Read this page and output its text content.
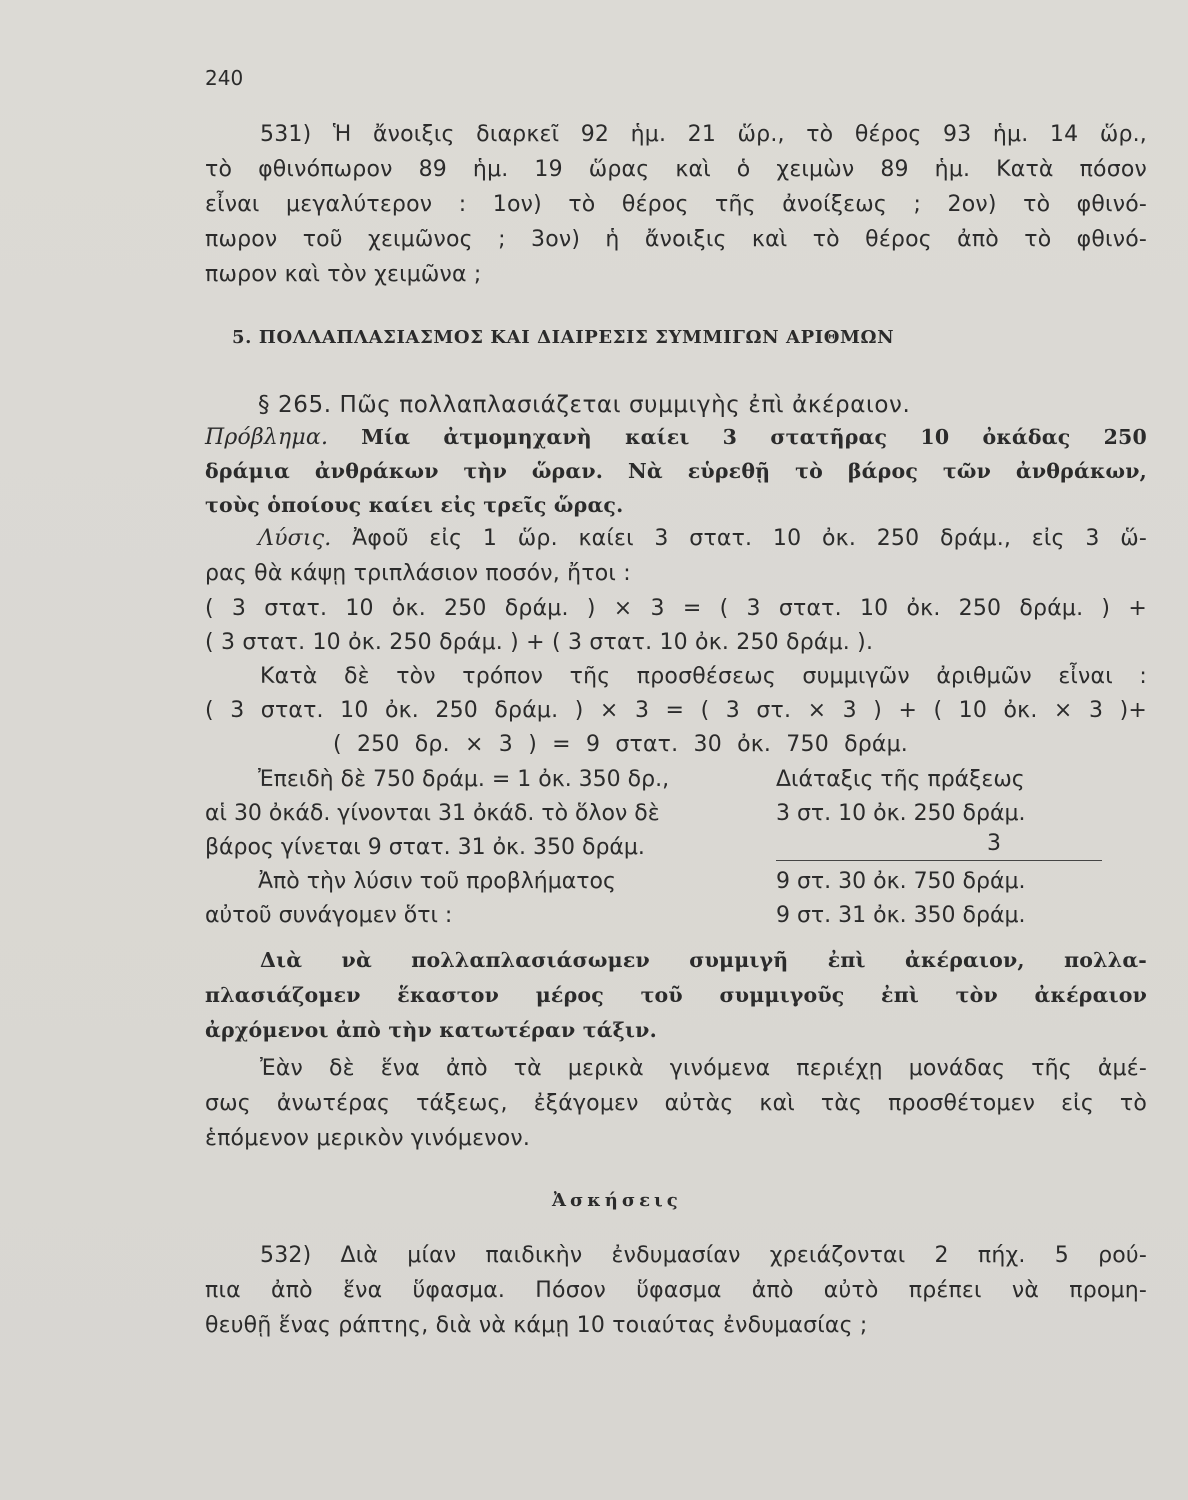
240
531) Ἡ ἄνοιξις διαρκεῖ 92 ἡμ. 21 ὥρ., τὸ θέρος 93 ἡμ. 14 ὥρ.,
τὸ φθινόπωρον 89 ἡμ. 19 ὥρας καὶ ὁ χειμὼν 89 ἡμ. Κατὰ πόσον
εἶναι μεγαλύτερον : 1ον) τὸ θέρος τῆς ἀνοίξεως ; 2ον) τὸ φθινό-
πωρον τοῦ χειμῶνος ; 3ον) ἡ ἄνοιξις καὶ τὸ θέρος ἀπὸ τὸ φθινό-
πωρον καὶ τὸν χειμῶνα ;
5. ΠΟΛΛΑΠΛΑΣΙΑΣΜΟΣ ΚΑΙ ΔΙΑΙΡΕΣΙΣ ΣΥΜΜΙΓΩΝ ΑΡΙΘΜΩΝ
§ 265. Πῶς πολλαπλασιάζεται συμμιγὴς ἐπὶ ἀκέραιον.
Πρόβλημα. Μία ἀτμομηχανὴ καίει 3 στατῆρας 10 ὀκάδας 250
δράμια ἀνθράκων τὴν ὥραν. Νὰ εὑρεθῇ τὸ βάρος τῶν ἀνθράκων,
τοὺς ὁποίους καίει εἰς τρεῖς ὥρας.
Λύσις. Ἀφοῦ εἰς 1 ὥρ. καίει 3 στατ. 10 ὀκ. 250 δράμ., εἰς 3 ὥ-
ρας θὰ κάψῃ τριπλάσιον ποσόν, ἤτοι :
( 3 στατ. 10 ὀκ. 250 δράμ. ) × 3 = ( 3 στατ. 10 ὀκ. 250 δράμ. ) +
( 3 στατ. 10 ὀκ. 250 δράμ. ) + ( 3 στατ. 10 ὀκ. 250 δράμ. ).
Κατὰ δὲ τὸν τρόπον τῆς προσθέσεως συμμιγῶν ἀριθμῶν εἶναι :
( 3 στατ. 10 ὀκ. 250 δράμ. ) × 3 = ( 3 στ. × 3 ) + ( 10 ὀκ. × 3 )+
( 250 δρ. × 3 ) = 9 στατ. 30 ὀκ. 750 δράμ.
Ἐπειδὴ δὲ 750 δράμ. = 1 ὀκ. 350 δρ.,
αἱ 30 ὀκάδ. γίνονται 31 ὀκάδ. τὸ ὅλον δὲ
βάρος γίνεται 9 στατ. 31 ὀκ. 350 δράμ.
Ἀπὸ τὴν λύσιν τοῦ προβλήματος
αὐτοῦ συνάγομεν ὅτι :
Διάταξις τῆς πράξεως
3 στ. 10 ὀκ. 250 δράμ.
3
9 στ. 30 ὀκ. 750 δράμ.
9 στ. 31 ὀκ. 350 δράμ.
Διὰ νὰ πολλαπλασιάσωμεν συμμιγῆ ἐπὶ ἀκέραιον, πολλα-
πλασιάζομεν ἕκαστον μέρος τοῦ συμμιγοῦς ἐπὶ τὸν ἀκέραιον
ἀρχόμενοι ἀπὸ τὴν κατωτέραν τάξιν.
Ἐὰν δὲ ἕνα ἀπὸ τὰ μερικὰ γινόμενα περιέχῃ μονάδας τῆς ἀμέ-
σως ἀνωτέρας τάξεως, ἐξάγομεν αὐτὰς καὶ τὰς προσθέτομεν εἰς τὸ
ἑπόμενον μερικὸν γινόμενον.
Ἀσκήσεις
532) Διὰ μίαν παιδικὴν ἐνδυμασίαν χρειάζονται 2 πήχ. 5 ρού-
πια ἀπὸ ἕνα ὕφασμα. Πόσον ὕφασμα ἀπὸ αὐτὸ πρέπει νὰ προμη-
θευθῇ ἕνας ράπτης, διὰ νὰ κάμῃ 10 τοιαύτας ἐνδυμασίας ;
